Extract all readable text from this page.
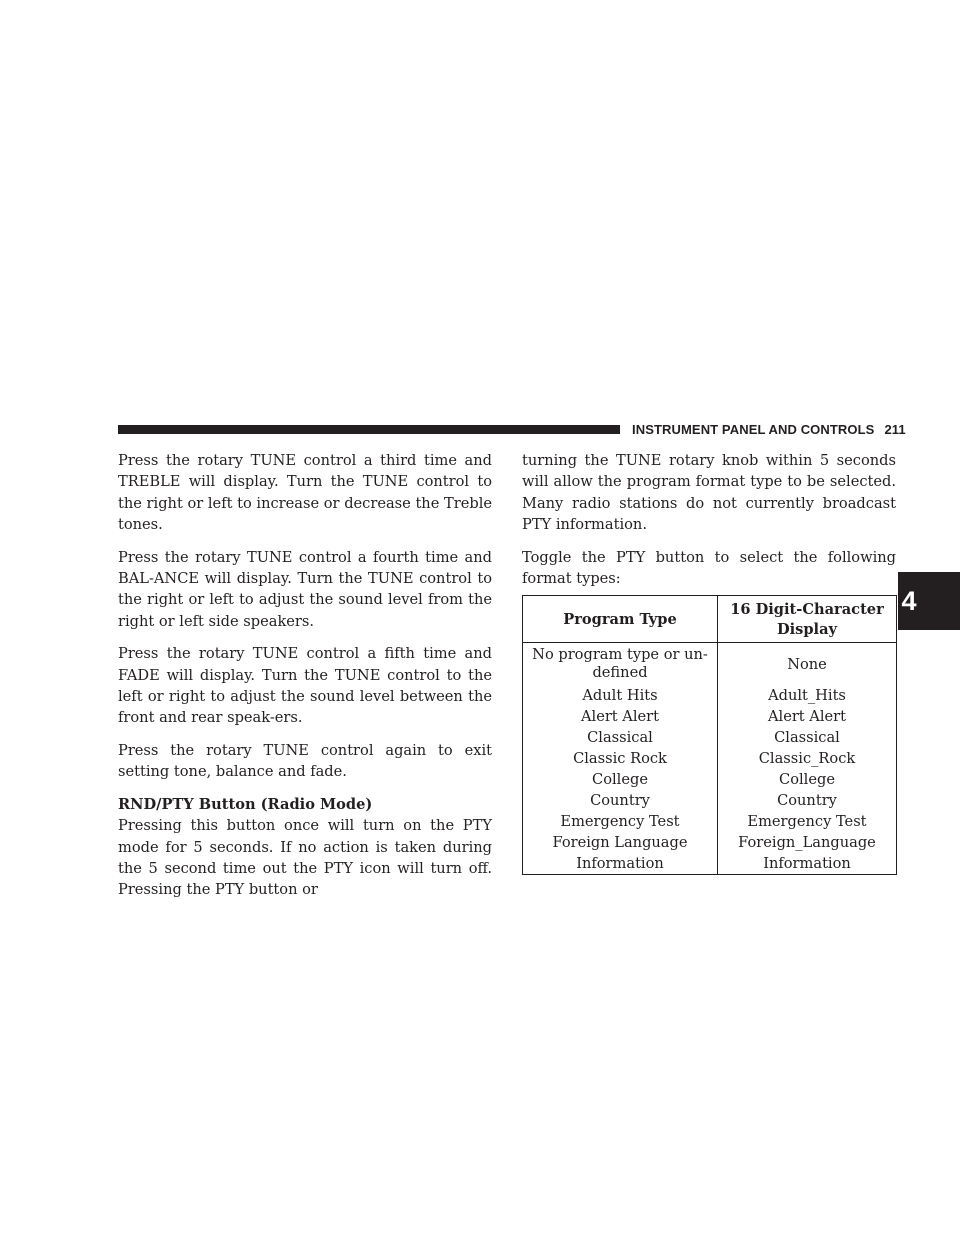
INSTRUMENT PANEL AND CONTROLS 211
4

Press the rotary TUNE control a third time and TREBLE will display. Turn the TUNE control to the right or left to increase or decrease the Treble tones.

Press the rotary TUNE control a fourth time and BAL-ANCE will display. Turn the TUNE control to the right or left to adjust the sound level from the right or left side speakers.

Press the rotary TUNE control a fifth time and FADE will display. Turn the TUNE control to the left or right to adjust the sound level between the front and rear speak-ers.

Press the rotary TUNE control again to exit setting tone, balance and fade.

RND/PTY Button (Radio Mode)

Pressing this button once will turn on the PTY mode for 5 seconds. If no action is taken during the 5 second time out the PTY icon will turn off. Pressing the PTY button or

turning the TUNE rotary knob within 5 seconds will allow the program format type to be selected. Many radio stations do not currently broadcast PTY information.

Toggle the PTY button to select the following format types:

Program Type	16 Digit-Character Display
No program type or un-defined	None
Adult Hits	Adult_Hits
Alert Alert	Alert Alert
Classical	Classical
Classic Rock	Classic_Rock
College	College
Country	Country
Emergency Test	Emergency Test
Foreign Language	Foreign_Language
Information	Information
